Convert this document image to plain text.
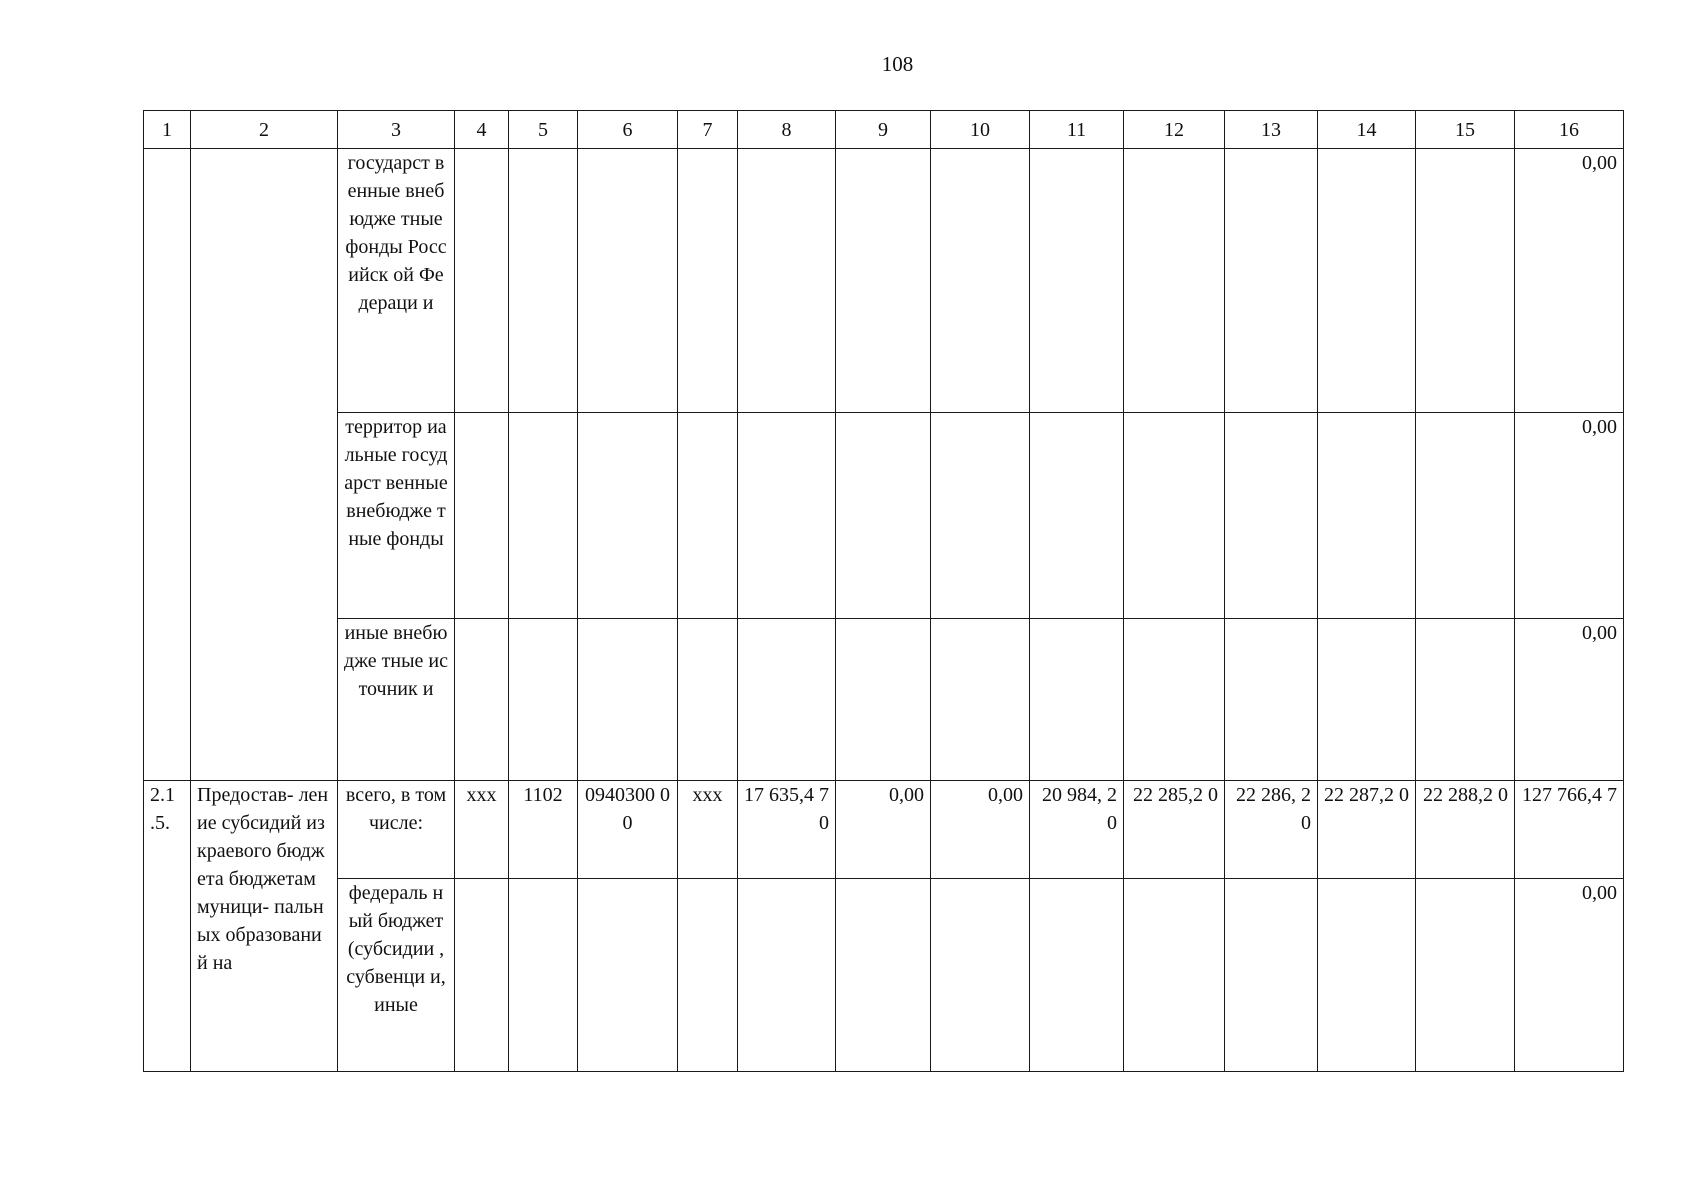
108
1	2	3	4	5	6	7	8	9	10	11	12	13	14	15	16
		государст венные внебюдже тные фонды Российск ой Федераци и													0,00
		территор иальные государст венные внебюдже тные фонды													0,00
		иные внебюдже тные источник и													0,00
2.1 .5.	Предостав- ление субсидий из краевого бюджета бюджетам муници- пальных образований на	всего, в том числе:	ххх	1102	0940300 00	ххх	17 635,4 70	0,00	0,00	20 984, 20	22 285,2 0	22 286, 20	22 287,2 0	22 288,2 0	127 766,4 7
		федераль ный бюджет (субсидии , субвенци и, иные													0,00
